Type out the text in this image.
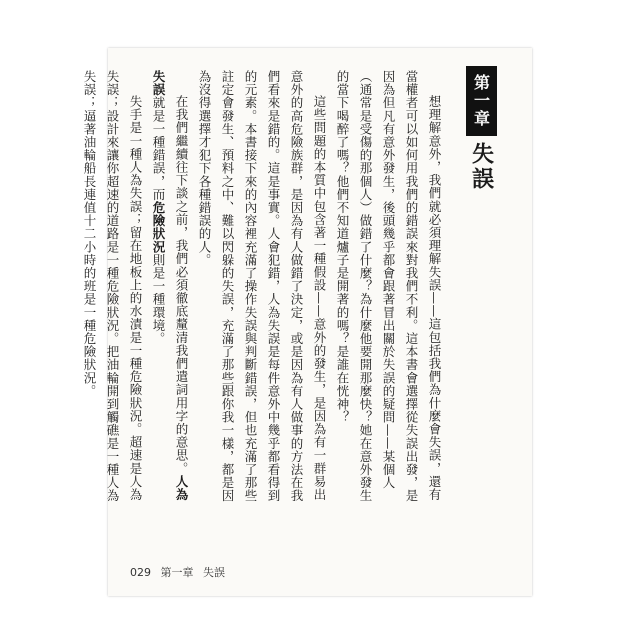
第一章
失誤

想理解意外，我們就必須理解失誤——這包括我們為什麼會失誤，還有當權者可以如何用我們的錯誤來對我們不利。這本書會選擇從失誤出發，是因為但凡有意外發生，後頭幾乎都會跟著冒出關於失誤的疑問——某個人（通常是受傷的那個人）做錯了什麼？為什麼他要開那麼快？她在意外發生的當下喝醉了嗎？他們不知道爐子是開著的嗎？是誰在恍神？

這些問題的本質中包含著一種假設——意外的發生，是因為有一群易出意外的高危險族群，是因為有人做錯了決定，或是因為有人做事的方法在我們看來是錯的。這是事實。人會犯錯，人為失誤是每件意外中幾乎都看得到的元素。本書接下來的內容裡充滿了操作失誤與判斷錯誤，但也充滿了那些註定會發生、預料之中、難以閃躲的失誤，充滿了那些跟你我一樣，都是因為沒得選擇才犯下各種錯誤的人。

在我們繼續往下談之前，我們必須徹底釐清我們遣詞用字的意思。人為失誤就是一種錯誤，而危險狀況則是一種環境。

失手是一種人為失誤；留在地板上的水漬是一種危險狀況。超速是人為失誤；設計來讓你超速的道路是一種危險狀況。把油輪開到觸礁是一種人為失誤；逼著油輪船長連值十二小時的班是一種危險狀況。

029 第一章 失誤
